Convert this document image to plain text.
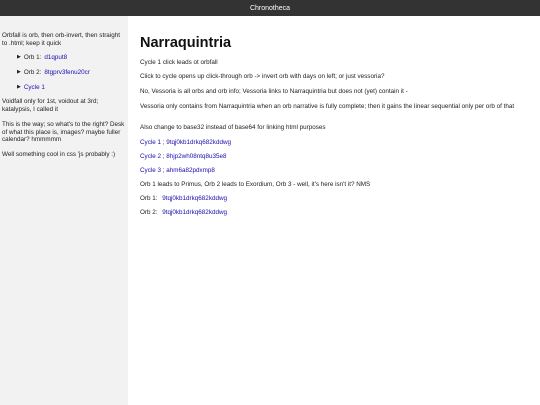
Chronotheca

Orbfall is orb, then orb-invert, then straight to .html; keep it quick

▶ Orb 1: d1qput8
▶ Orb 2: 8tgprv3fenu20cr
▶ Cycle 1

Voidfall only for 1st, voidout at 3rd; katalypsis, I called it

This is the way; so what's to the right? Desk of what this place is, images? maybe fuller calendar? hmmmmm

Well something cool in css 'js probably :)

Narraquintria
Cycle 1 click leads ot orbfall
Click to cycle opens up click-through orb -> invert orb with days on left; or just vessoria?
No, Vessoria is all orbs and orb info; Vessoria links to Narraquintria but does not (yet) contain it -
Vessoria only contains from Narraquintria when an orb narrative is fully complete; then it gains the linear sequential only per orb of that
Also change to base32 instead of base64 for linking html purposes
Cycle 1 ; 9tqj0kb1drkq682kddwg
Cycle 2 ; 8hjp2wh08ntq8u35e8
Cycle 3 ; ahm6a82pdxmp8
Orb 1 leads to Primus, Orb 2 leads to Exordium, Orb 3 - well, it's here isn't it? NMS
Orb 1: 9tqj0kb1drkq682kddwg
Orb 2: 9tqj0kb1drkq682kddwg
